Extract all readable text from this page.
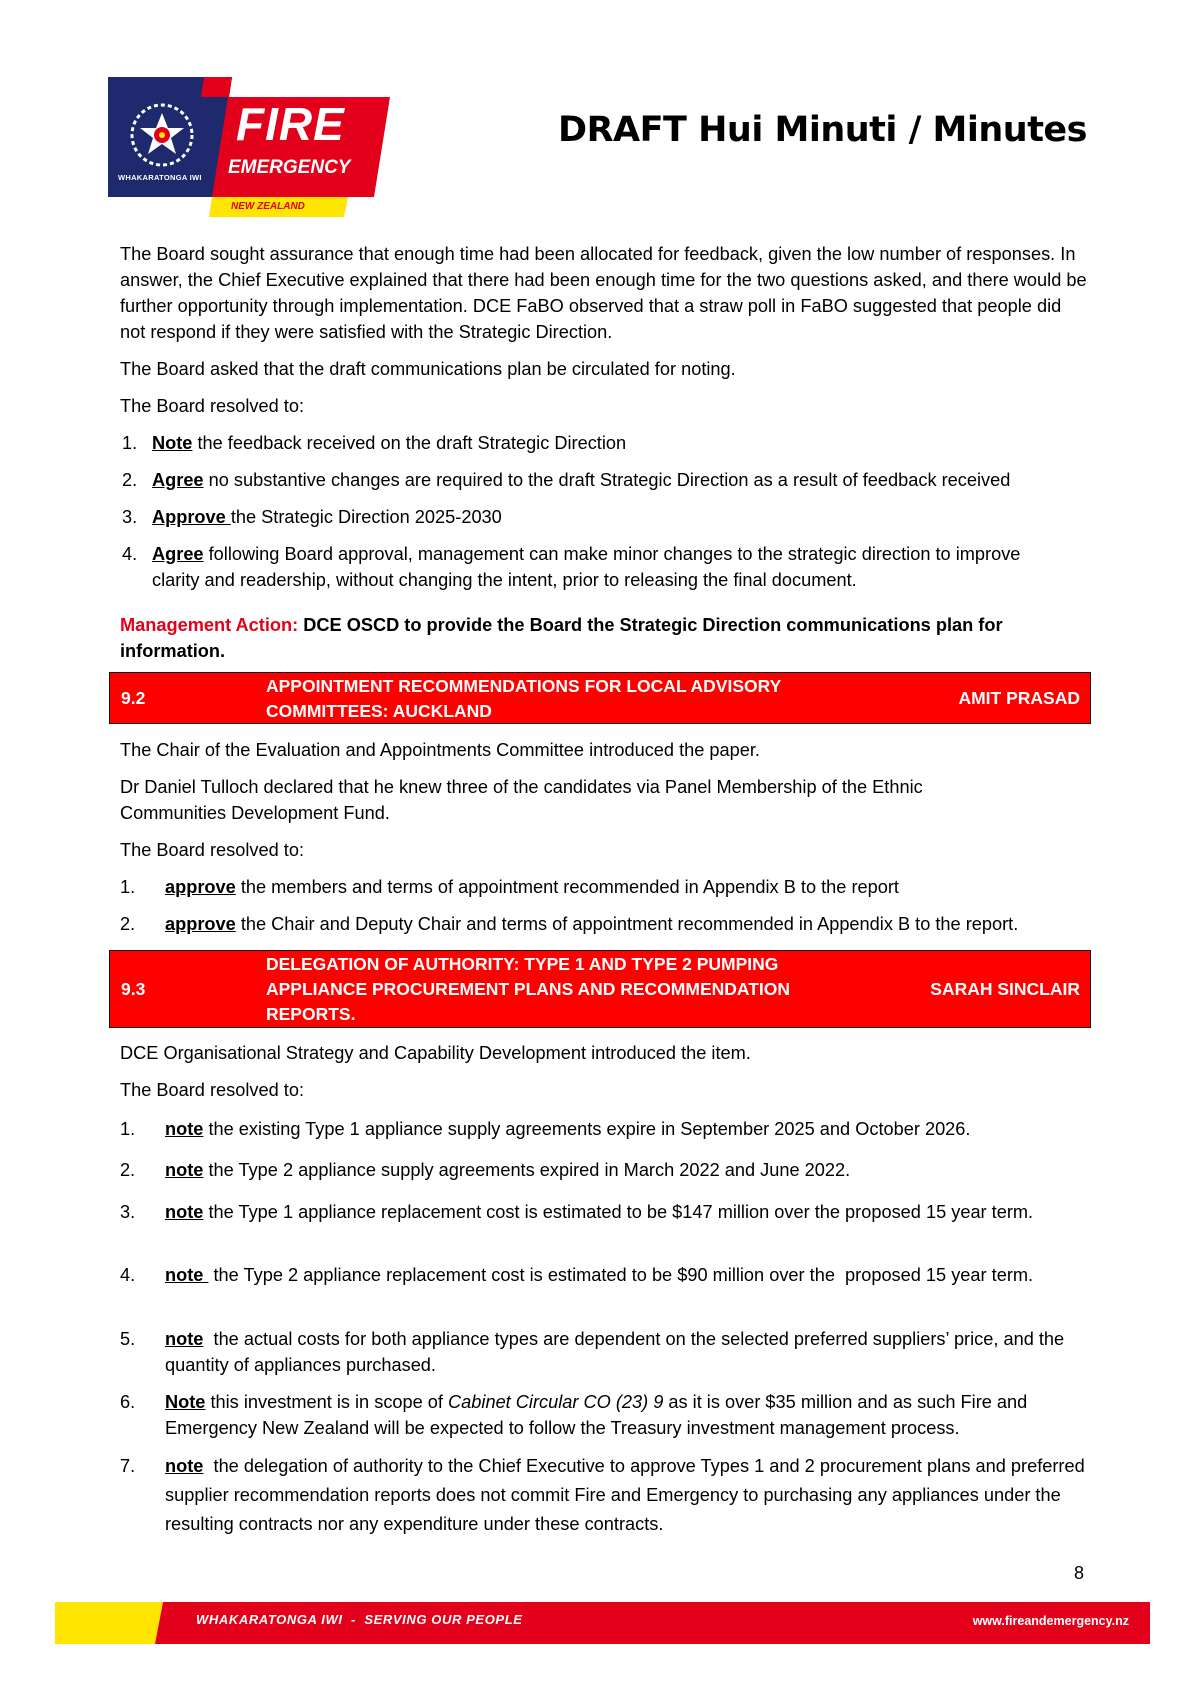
WHAKARATONGA IWI
FIRE
EMERGENCY
NEW ZEALAND
DRAFT Hui Minuti / Minutes

The Board sought assurance that enough time had been allocated for feedback, given the low number of responses. In answer, the Chief Executive explained that there had been enough time for the two questions asked, and there would be further opportunity through implementation. DCE FaBO observed that a straw poll in FaBO suggested that people did not respond if they were satisfied with the Strategic Direction.

The Board asked that the draft communications plan be circulated for noting.

The Board resolved to:

1. Note the feedback received on the draft Strategic Direction
2. Agree no substantive changes are required to the draft Strategic Direction as a result of feedback received
3. Approve the Strategic Direction 2025-2030
4. Agree following Board approval, management can make minor changes to the strategic direction to improve clarity and readership, without changing the intent, prior to releasing the final document.
Management Action: DCE OSCD to provide the Board the Strategic Direction communications plan for information.
9.2
APPOINTMENT RECOMMENDATIONS FOR LOCAL ADVISORY COMMITTEES: AUCKLAND
AMIT PRASAD

The Chair of the Evaluation and Appointments Committee introduced the paper.

Dr Daniel Tulloch declared that he knew three of the candidates via Panel Membership of the Ethnic Communities Development Fund.

The Board resolved to:

1. approve the members and terms of appointment recommended in Appendix B to the report
2. approve the Chair and Deputy Chair and terms of appointment recommended in Appendix B to the report.
9.3
DELEGATION OF AUTHORITY: TYPE 1 AND TYPE 2 PUMPING APPLIANCE PROCUREMENT PLANS AND RECOMMENDATION REPORTS.
SARAH SINCLAIR

DCE Organisational Strategy and Capability Development introduced the item.

The Board resolved to:

1. note the existing Type 1 appliance supply agreements expire in September 2025 and October 2026.
2. note the Type 2 appliance supply agreements expired in March 2022 and June 2022.
3. note the Type 1 appliance replacement cost is estimated to be $147 million over the proposed 15 year term.
4. note  the Type 2 appliance replacement cost is estimated to be $90 million over the  proposed 15 year term.
5. note  the actual costs for both appliance types are dependent on the selected preferred suppliers’ price, and the quantity of appliances purchased.
6. Note this investment is in scope of Cabinet Circular CO (23) 9 as it is over $35 million and as such Fire and Emergency New Zealand will be expected to follow the Treasury investment management process.
7. note  the delegation of authority to the Chief Executive to approve Types 1 and 2 procurement plans and preferred supplier recommendation reports does not commit Fire and Emergency to purchasing any appliances under the resulting contracts nor any expenditure under these contracts.
8
WHAKARATONGA IWI  -  SERVING OUR PEOPLE	www.fireandemergency.nz
